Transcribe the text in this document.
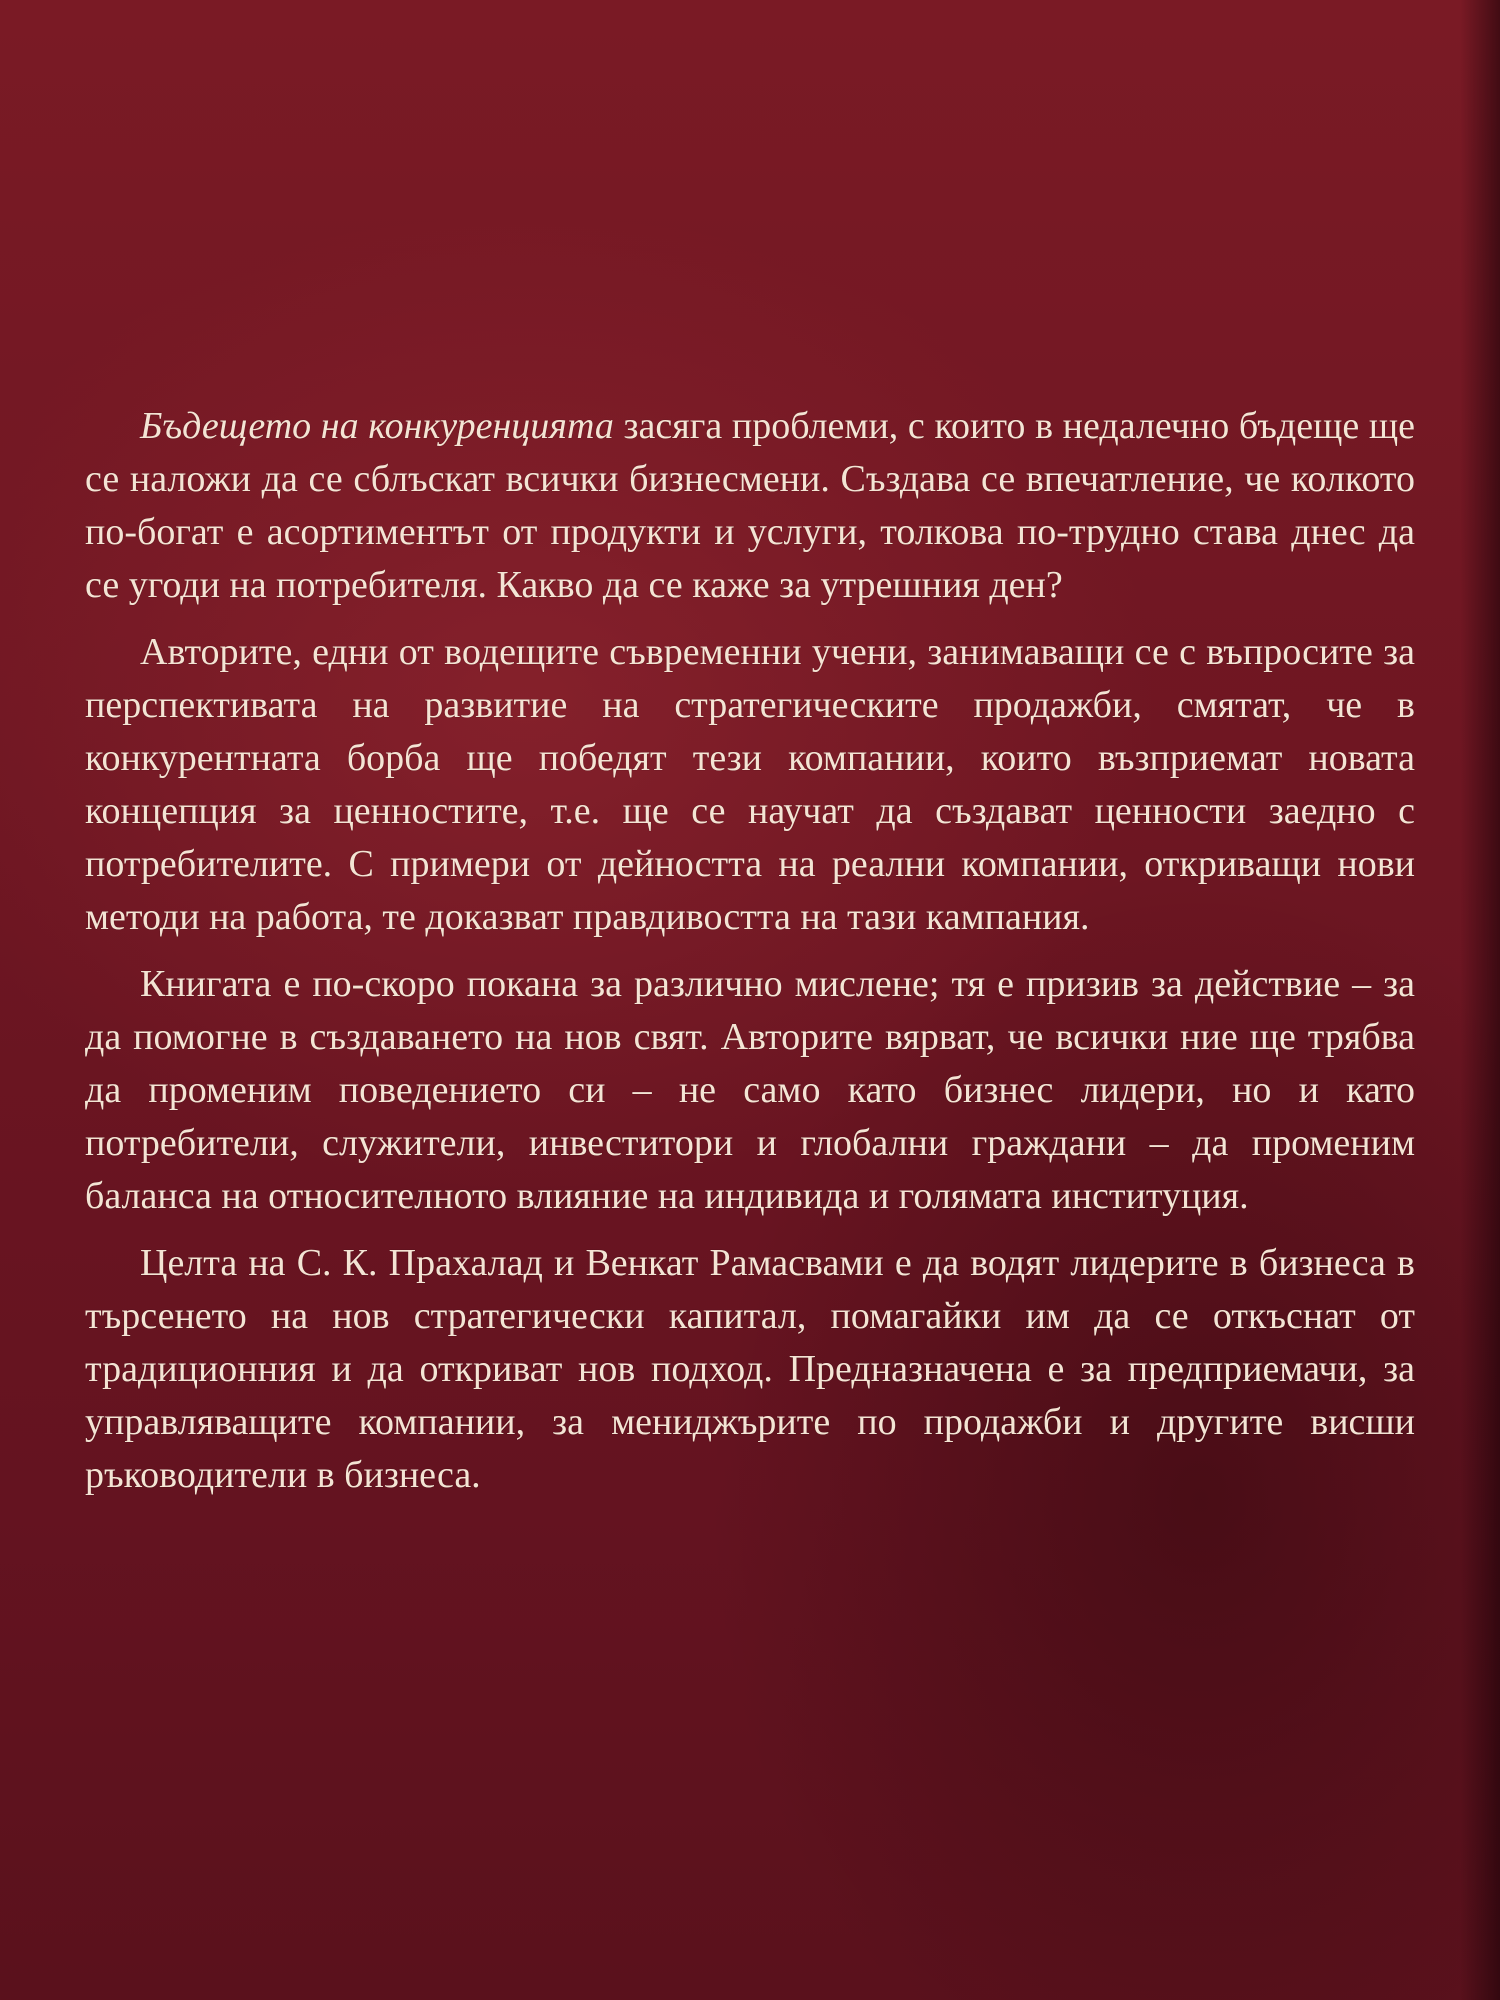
Бъдещето на конкуренцията засяга проблеми, с които в недалечно бъдеще ще се наложи да се сблъскат всички бизнесмени. Създава се впечатление, че колкото по-богат е асортиментът от продукти и услуги, толкова по-трудно става днес да се угоди на потребителя. Какво да се каже за утрешния ден?

Авторите, едни от водещите съвременни учени, занимаващи се с въпросите за перспективата на развитие на стратегическите продажби, смятат, че в конкурентната борба ще победят тези компании, които възприемат новата концепция за ценностите, т.е. ще се научат да създават ценности заедно с потребителите. С примери от дейността на реални компании, откриващи нови методи на работа, те доказват правдивостта на тази кампания.

Книгата е по-скоро покана за различно мислене; тя е призив за действие – за да помогне в създаването на нов свят. Авторите вярват, че всички ние ще трябва да променим поведението си – не само като бизнес лидери, но и като потребители, служители, инвеститори и глобални граждани – да променим баланса на относителното влияние на индивида и голямата институция.

Целта на С. К. Прахалад и Венкат Рамасвами е да водят лидерите в бизнеса в търсенето на нов стратегически капитал, помагайки им да се откъснат от традиционния и да откриват нов подход. Предназначена е за предприемачи, за управляващите компании, за мениджърите по продажби и другите висши ръководители в бизнеса.
